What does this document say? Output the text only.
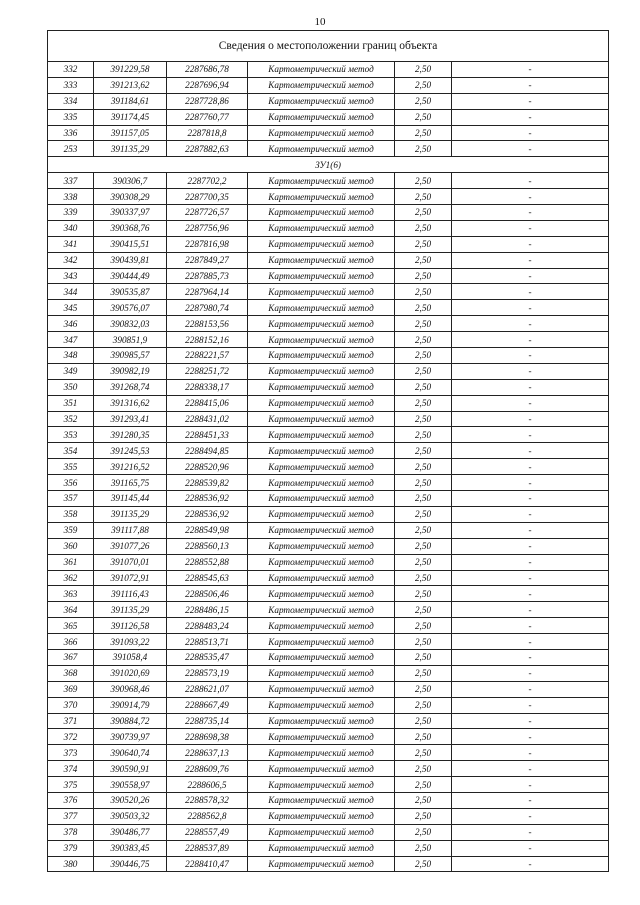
10
Сведения о местоположении границ объекта					
332	391229,58	2287686,78	Картометрический метод	2,50	-
333	391213,62	2287696,94	Картометрический метод	2,50	-
334	391184,61	2287728,86	Картометрический метод	2,50	-
335	391174,45	2287760,77	Картометрический метод	2,50	-
336	391157,05	2287818,8	Картометрический метод	2,50	-
253	391135,29	2287882,63	Картометрический метод	2,50	-
ЗУ1(6)					
337	390306,7	2287702,2	Картометрический метод	2,50	-
338	390308,29	2287700,35	Картометрический метод	2,50	-
339	390337,97	2287726,57	Картометрический метод	2,50	-
340	390368,76	2287756,96	Картометрический метод	2,50	-
341	390415,51	2287816,98	Картометрический метод	2,50	-
342	390439,81	2287849,27	Картометрический метод	2,50	-
343	390444,49	2287885,73	Картометрический метод	2,50	-
344	390535,87	2287964,14	Картометрический метод	2,50	-
345	390576,07	2287980,74	Картометрический метод	2,50	-
346	390832,03	2288153,56	Картометрический метод	2,50	-
347	390851,9	2288152,16	Картометрический метод	2,50	-
348	390985,57	2288221,57	Картометрический метод	2,50	-
349	390982,19	2288251,72	Картометрический метод	2,50	-
350	391268,74	2288338,17	Картометрический метод	2,50	-
351	391316,62	2288415,06	Картометрический метод	2,50	-
352	391293,41	2288431,02	Картометрический метод	2,50	-
353	391280,35	2288451,33	Картометрический метод	2,50	-
354	391245,53	2288494,85	Картометрический метод	2,50	-
355	391216,52	2288520,96	Картометрический метод	2,50	-
356	391165,75	2288539,82	Картометрический метод	2,50	-
357	391145,44	2288536,92	Картометрический метод	2,50	-
358	391135,29	2288536,92	Картометрический метод	2,50	-
359	391117,88	2288549,98	Картометрический метод	2,50	-
360	391077,26	2288560,13	Картометрический метод	2,50	-
361	391070,01	2288552,88	Картометрический метод	2,50	-
362	391072,91	2288545,63	Картометрический метод	2,50	-
363	391116,43	2288506,46	Картометрический метод	2,50	-
364	391135,29	2288486,15	Картометрический метод	2,50	-
365	391126,58	2288483,24	Картометрический метод	2,50	-
366	391093,22	2288513,71	Картометрический метод	2,50	-
367	391058,4	2288535,47	Картометрический метод	2,50	-
368	391020,69	2288573,19	Картометрический метод	2,50	-
369	390968,46	2288621,07	Картометрический метод	2,50	-
370	390914,79	2288667,49	Картометрический метод	2,50	-
371	390884,72	2288735,14	Картометрический метод	2,50	-
372	390739,97	2288698,38	Картометрический метод	2,50	-
373	390640,74	2288637,13	Картометрический метод	2,50	-
374	390590,91	2288609,76	Картометрический метод	2,50	-
375	390558,97	2288606,5	Картометрический метод	2,50	-
376	390520,26	2288578,32	Картометрический метод	2,50	-
377	390503,32	2288562,8	Картометрический метод	2,50	-
378	390486,77	2288557,49	Картометрический метод	2,50	-
379	390383,45	2288537,89	Картометрический метод	2,50	-
380	390446,75	2288410,47	Картометрический метод	2,50	-
